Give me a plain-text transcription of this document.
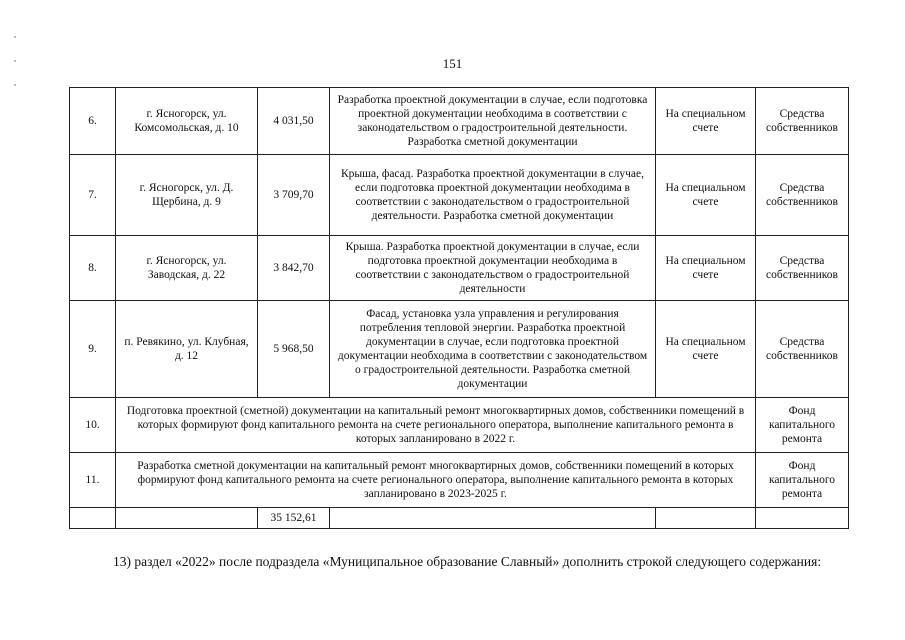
151
6.	г. Ясногорск, ул. Комсомольская, д. 10	4 031,50	Разработка проектной документации в случае, если подготовка проектной документации необходима в соответствии с законодательством о градостроительной деятельности. Разработка сметной документации	На специальном счете	Средства собственников
7.	г. Ясногорск, ул. Д. Щербина, д. 9	3 709,70	Крыша, фасад. Разработка проектной документации в случае, если подготовка проектной документации необходима в соответствии с законодательством о градостроительной деятельности. Разработка сметной документации	На специальном счете	Средства собственников
8.	г. Ясногорск, ул. Заводская, д. 22	3 842,70	Крыша. Разработка проектной документации в случае, если подготовка проектной документации необходима в соответствии с законодательством о градостроительной деятельности	На специальном счете	Средства собственников
9.	п. Ревякино, ул. Клубная, д. 12	5 968,50	Фасад, установка узла управления и регулирования потребления тепловой энергии. Разработка проектной документации в случае, если подготовка проектной документации необходима в соответствии с законодательством о градостроительной деятельности. Разработка сметной документации	На специальном счете	Средства собственников
10.	Подготовка проектной (сметной) документации на капитальный ремонт многоквартирных домов, собственники помещений в которых формируют фонд капитального ремонта на счете регионального оператора, выполнение капитального ремонта в которых запланировано в 2022 г.				Фонд капитального ремонта
11.	Разработка сметной документации на капитальный ремонт многоквартирных домов, собственники помещений в которых формируют фонд капитального ремонта на счете регионального оператора, выполнение капитального ремонта в которых запланировано в 2023-2025 г.				Фонд капитального ремонта
		35 152,61			

13) раздел «2022» после подраздела «Муниципальное образование Славный» дополнить строкой следующего содержания:
